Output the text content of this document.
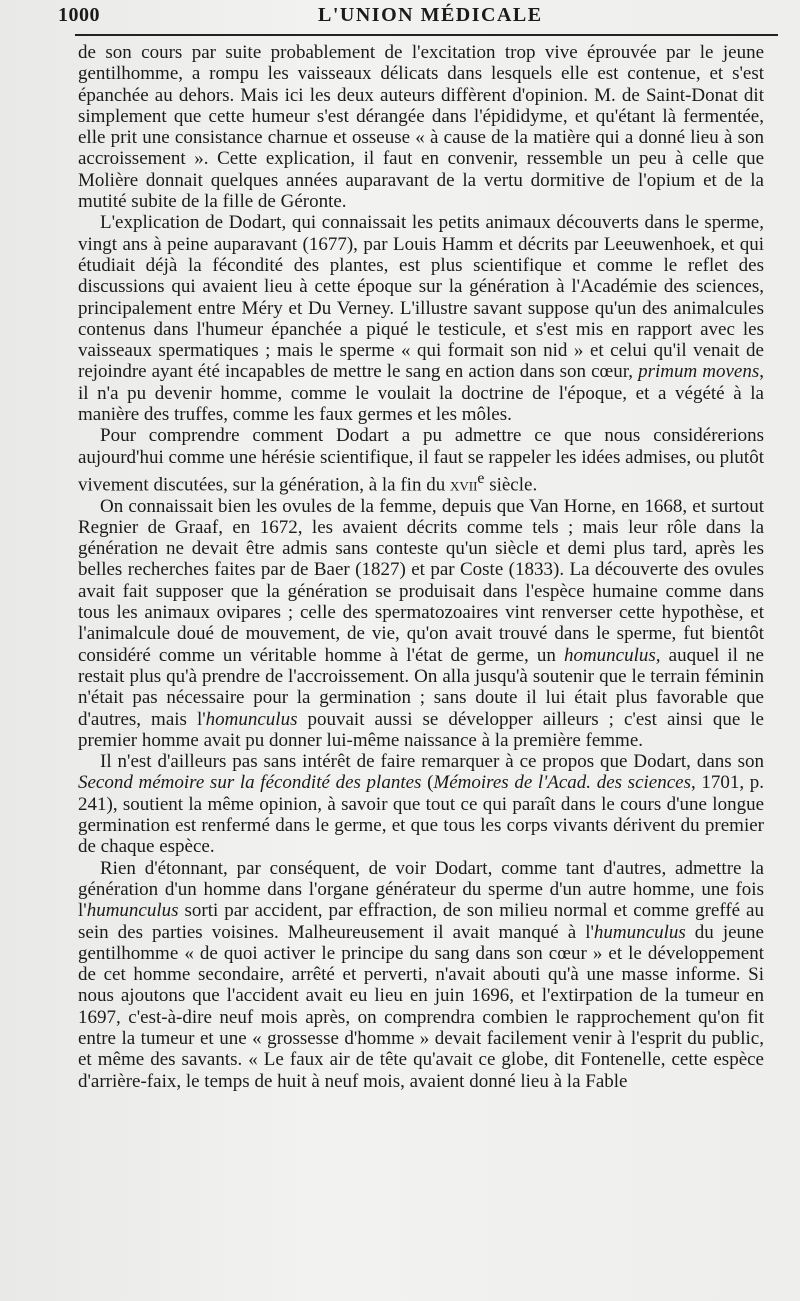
1000	L'UNION MÉDICALE

de son cours par suite probablement de l'excitation trop vive éprouvée par le jeune gentilhomme, a rompu les vaisseaux délicats dans lesquels elle est contenue, et s'est épanchée au dehors. Mais ici les deux auteurs diffèrent d'opinion. M. de Saint-Donat dit simplement que cette humeur s'est dérangée dans l'épididyme, et qu'étant là fermentée, elle prit une consistance charnue et osseuse « à cause de la matière qui a donné lieu à son accroissement ». Cette explication, il faut en convenir, ressemble un peu à celle que Molière donnait quelques années auparavant de la vertu dormitive de l'opium et de la mutité subite de la fille de Géronte.

L'explication de Dodart, qui connaissait les petits animaux découverts dans le sperme, vingt ans à peine auparavant (1677), par Louis Hamm et décrits par Leeuwenhoek, et qui étudiait déjà la fécondité des plantes, est plus scientifique et comme le reflet des discussions qui avaient lieu à cette époque sur la génération à l'Académie des sciences, principalement entre Méry et Du Verney. L'illustre savant suppose qu'un des animalcules contenus dans l'humeur épanchée a piqué le testicule, et s'est mis en rapport avec les vaisseaux spermatiques ; mais le sperme « qui formait son nid » et celui qu'il venait de rejoindre ayant été incapables de mettre le sang en action dans son cœur, primum movens, il n'a pu devenir homme, comme le voulait la doctrine de l'époque, et a végété à la manière des truffes, comme les faux germes et les môles.

Pour comprendre comment Dodart a pu admettre ce que nous considérerions aujourd'hui comme une hérésie scientifique, il faut se rappeler les idées admises, ou plutôt vivement discutées, sur la génération, à la fin du xvii$^e$ siècle.

On connaissait bien les ovules de la femme, depuis que Van Horne, en 1668, et surtout Regnier de Graaf, en 1672, les avaient décrits comme tels ; mais leur rôle dans la génération ne devait être admis sans conteste qu'un siècle et demi plus tard, après les belles recherches faites par de Baer (1827) et par Coste (1833). La découverte des ovules avait fait supposer que la génération se produisait dans l'espèce humaine comme dans tous les animaux ovipares ; celle des spermatozoaires vint renverser cette hypothèse, et l'animalcule doué de mouvement, de vie, qu'on avait trouvé dans le sperme, fut bientôt considéré comme un véritable homme à l'état de germe, un homunculus, auquel il ne restait plus qu'à prendre de l'accroissement. On alla jusqu'à soutenir que le terrain féminin n'était pas nécessaire pour la germination ; sans doute il lui était plus favorable que d'autres, mais l'homunculus pouvait aussi se développer ailleurs ; c'est ainsi que le premier homme avait pu donner lui-même naissance à la première femme.

Il n'est d'ailleurs pas sans intérêt de faire remarquer à ce propos que Dodart, dans son Second mémoire sur la fécondité des plantes (Mémoires de l'Acad. des sciences, 1701, p. 241), soutient la même opinion, à savoir que tout ce qui paraît dans le cours d'une longue germination est renfermé dans le germe, et que tous les corps vivants dérivent du premier de chaque espèce.

Rien d'étonnant, par conséquent, de voir Dodart, comme tant d'autres, admettre la génération d'un homme dans l'organe générateur du sperme d'un autre homme, une fois l'humunculus sorti par accident, par effraction, de son milieu normal et comme greffé au sein des parties voisines. Malheureusement il avait manqué à l'humunculus du jeune gentilhomme « de quoi activer le principe du sang dans son cœur » et le développement de cet homme secondaire, arrêté et perverti, n'avait abouti qu'à une masse informe. Si nous ajoutons que l'accident avait eu lieu en juin 1696, et l'extirpation de la tumeur en 1697, c'est-à-dire neuf mois après, on comprendra combien le rapprochement qu'on fit entre la tumeur et une « grossesse d'homme » devait facilement venir à l'esprit du public, et même des savants. « Le faux air de tête qu'avait ce globe, dit Fontenelle, cette espèce d'arrière-faix, le temps de huit à neuf mois, avaient donné lieu à la Fable
